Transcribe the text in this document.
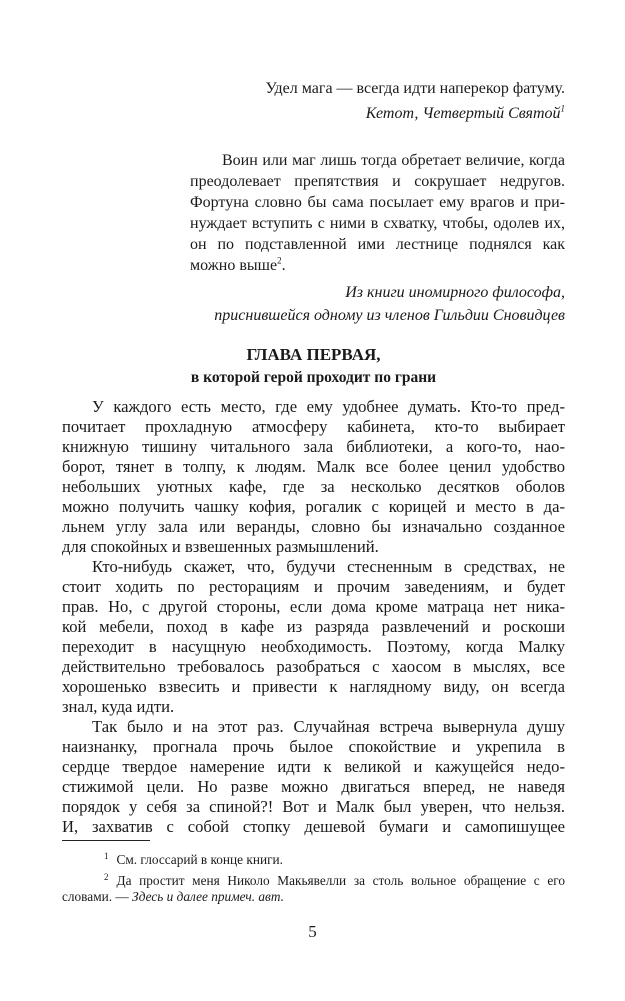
Удел мага — всегда идти наперекор фатуму.
Кетот, Четвертый Святой$^1$
Воин или маг лишь тогда обретает величие, когда
преодолевает препятствия и сокрушает недругов.
Фортуна словно бы сама посылает ему врагов и при-
нуждает вступить с ними в схватку, чтобы, одолев их,
он по подставленной ими лестнице поднялся как
можно выше$^2$.
Из книги иномирного философа,
приснившейся одному из членов Гильдии Сновидцев
ГЛАВА ПЕРВАЯ,
в которой герой проходит по грани
У каждого есть место, где ему удобнее думать. Кто-то пред-
почитает прохладную атмосферу кабинета, кто-то выбирает
книжную тишину читального зала библиотеки, а кого-то, нао-
борот, тянет в толпу, к людям. Малк все более ценил удобство
небольших уютных кафе, где за несколько десятков оболов
можно получить чашку кофия, рогалик с корицей и место в да-
льнем углу зала или веранды, словно бы изначально созданное
для спокойных и взвешенных размышлений.
Кто-нибудь скажет, что, будучи стесненным в средствах, не
стоит ходить по ресторациям и прочим заведениям, и будет
прав. Но, с другой стороны, если дома кроме матраца нет ника-
кой мебели, поход в кафе из разряда развлечений и роскоши
переходит в насущную необходимость. Поэтому, когда Малку
действительно требовалось разобраться с хаосом в мыслях, все
хорошенько взвесить и привести к наглядному виду, он всегда
знал, куда идти.
Так было и на этот раз. Случайная встреча вывернула душу
наизнанку, прогнала прочь былое спокойствие и укрепила в
сердце твердое намерение идти к великой и кажущейся недо-
стижимой цели. Но разве можно двигаться вперед, не наведя
порядок у себя за спиной?! Вот и Малк был уверен, что нельзя.
И, захватив с собой стопку дешевой бумаги и самопишущее
$^1$ См. глоссарий в конце книги.
$^2$ Да простит меня Николо Макьявелли за столь вольное обращение с его словами. — Здесь и далее примеч. авт.
5
